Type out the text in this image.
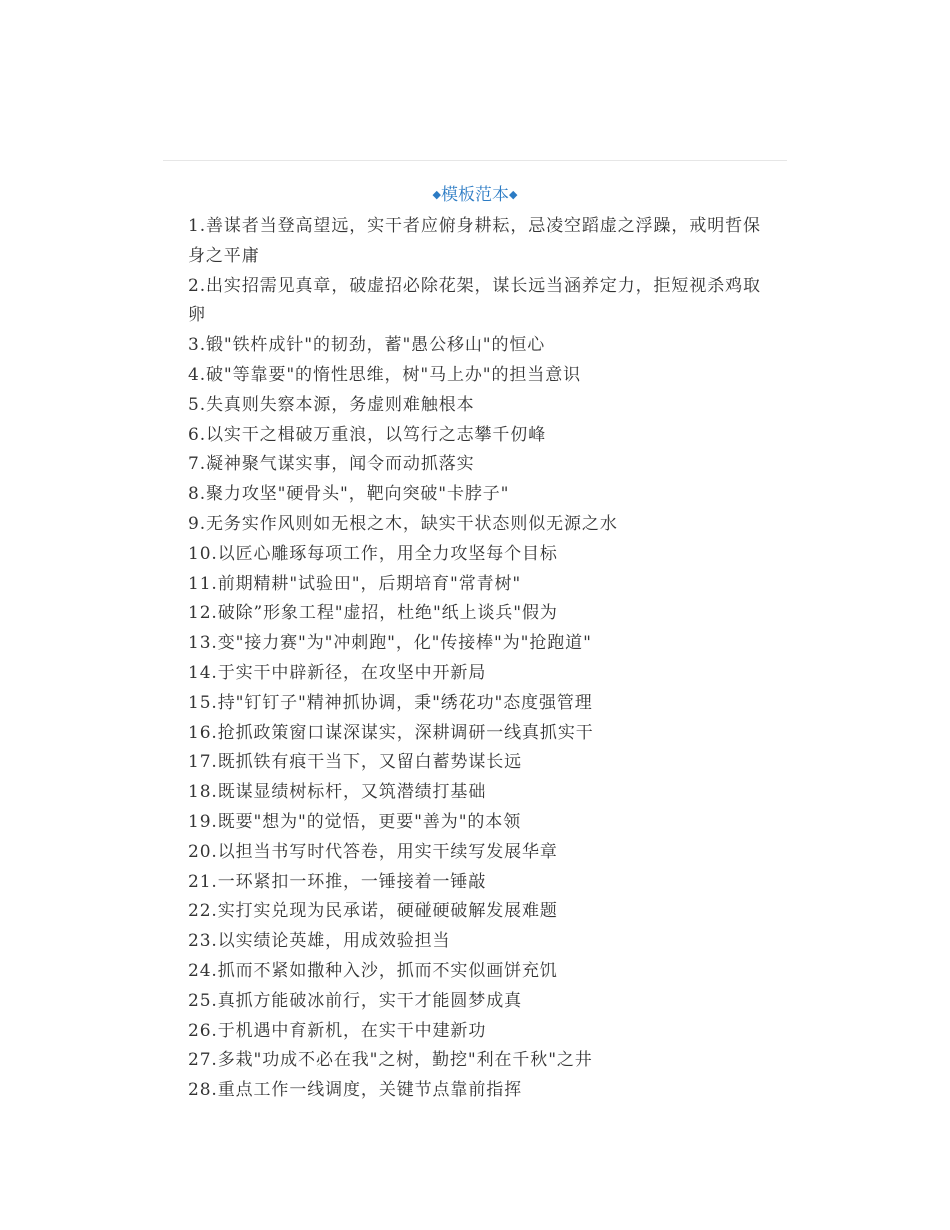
◆模板范本◆
1.善谋者当登高望远，实干者应俯身耕耘，忌凌空蹈虚之浮躁，戒明哲保身之平庸
2.出实招需见真章，破虚招必除花架，谋长远当涵养定力，拒短视杀鸡取卵
3.锻"铁杵成针"的韧劲，蓄"愚公移山"的恒心
4.破"等靠要"的惰性思维，树"马上办"的担当意识
5.失真则失察本源，务虚则难触根本
6.以实干之楫破万重浪，以笃行之志攀千仞峰
7.凝神聚气谋实事，闻令而动抓落实
8.聚力攻坚"硬骨头"，靶向突破"卡脖子"
9.无务实作风则如无根之木，缺实干状态则似无源之水
10.以匠心雕琢每项工作，用全力攻坚每个目标
11.前期精耕"试验田"，后期培育"常青树"
12.破除”形象工程"虚招，杜绝"纸上谈兵"假为
13.变"接力赛"为"冲刺跑"，化"传接棒"为"抢跑道"
14.于实干中辟新径，在攻坚中开新局
15.持"钉钉子"精神抓协调，秉"绣花功"态度强管理
16.抢抓政策窗口谋深谋实，深耕调研一线真抓实干
17.既抓铁有痕干当下，又留白蓄势谋长远
18.既谋显绩树标杆，又筑潜绩打基础
19.既要"想为"的觉悟，更要"善为"的本领
20.以担当书写时代答卷，用实干续写发展华章
21.一环紧扣一环推，一锤接着一锤敲
22.实打实兑现为民承诺，硬碰硬破解发展难题
23.以实绩论英雄，用成效验担当
24.抓而不紧如撒种入沙，抓而不实似画饼充饥
25.真抓方能破冰前行，实干才能圆梦成真
26.于机遇中育新机，在实干中建新功
27.多栽"功成不必在我"之树，勤挖"利在千秋"之井
28.重点工作一线调度，关键节点靠前指挥
